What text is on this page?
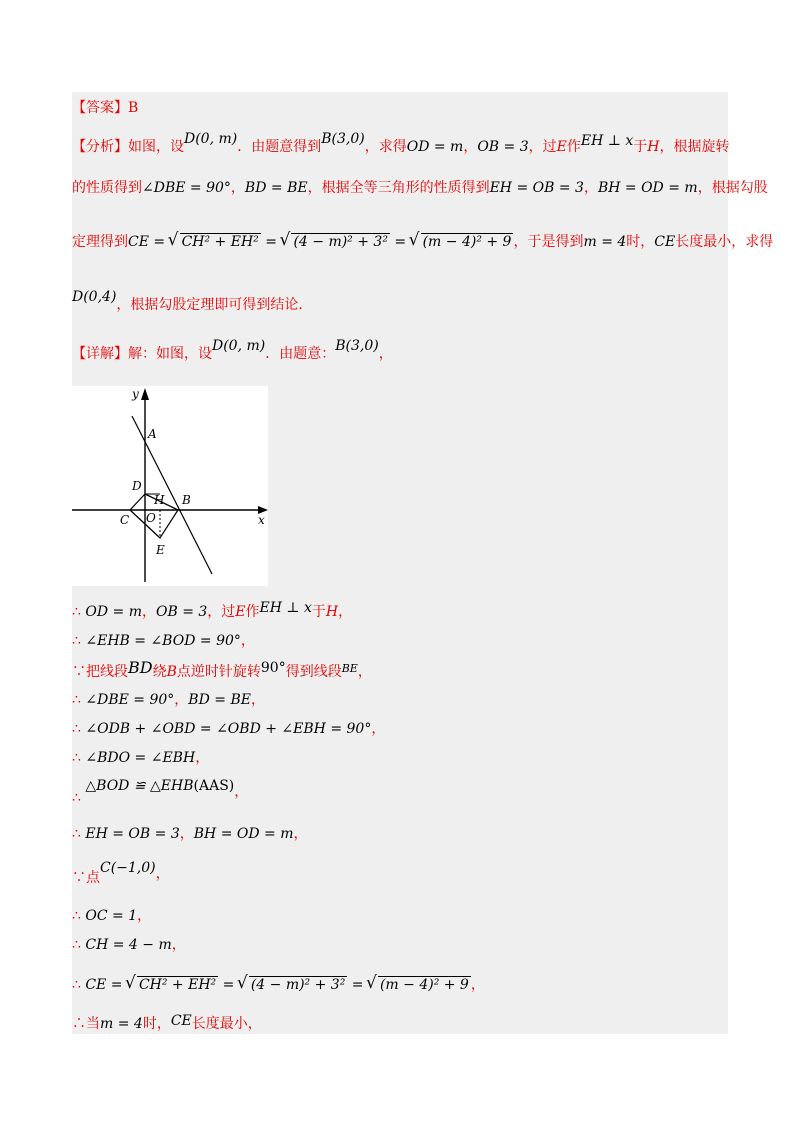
【答案】B
【分析】如图，设D(0, m)．由题意得到B(3,0)，求得OD = m，OB = 3，过E作EH ⊥ x于H，根据旋转
的性质得到∠DBE = 90°，BD = BE，根据全等三角形的性质得到EH = OB = 3，BH = OD = m，根据勾股
定理得到CE = √ CH² + EH² = √ (4 − m)² + 3² = √ (m − 4)² + 9 ，于是得到m = 4时，CE长度最小，求得
D(0,4)，根据勾股定理即可得到结论．
【详解】解：如图，设D(0, m)．由题意：B(3,0)，
y
x
A
B
C
D
O
H
E
∴ OD = m，OB = 3，过E作EH ⊥ x于H，
∴ ∠EHB = ∠BOD = 90°，
∵把线段BD绕B点逆时针旋转90°得到线段$^{BE}$，
∴ ∠DBE = 90°，BD = BE，
∴ ∠ODB + ∠OBD = ∠OBD + ∠EBH = 90°，
∴ ∠BDO = ∠EBH，
∴ △BOD ≌ △EHB(AAS)，
∴ EH = OB = 3，BH = OD = m，
∵点C(−1,0)，
∴ OC = 1，
∴ CH = 4 − m，
∴ CE = √ CH² + EH² = √ (4 − m)² + 3² = √ (m − 4)² + 9 ，
∴当m = 4时，CE长度最小，
